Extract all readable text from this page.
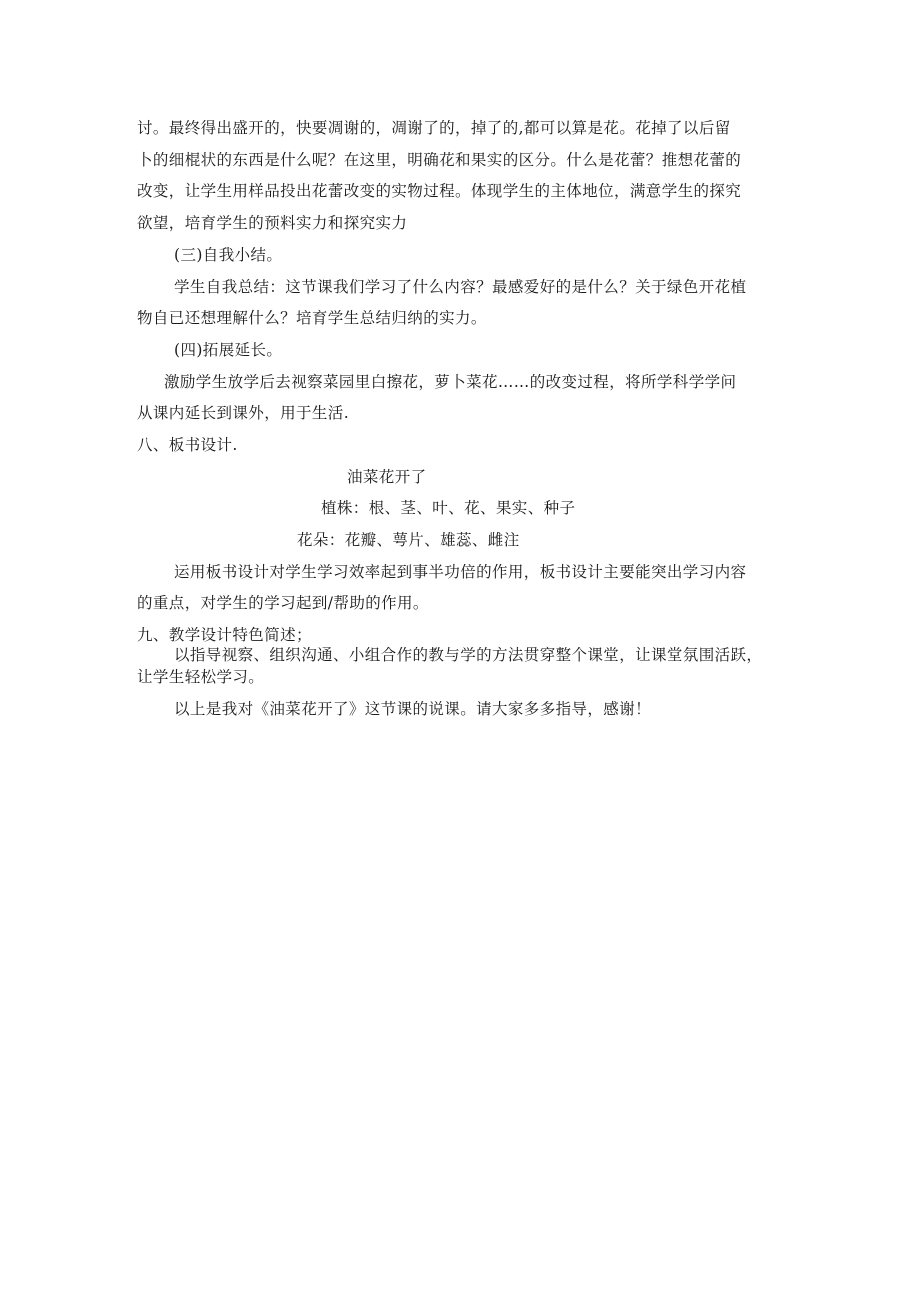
讨。最终得出盛开的，快要凋谢的，凋谢了的，掉了的,都可以算是花。花掉了以后留
卜的细棍状的东西是什么呢？在这里，明确花和果实的区分。什么是花蕾？推想花蕾的
改变，让学生用样品投出花蕾改变的实物过程。体现学生的主体地位，满意学生的探究
欲望，培育学生的预料实力和探究实力
(三)自我小结。
学生自我总结：这节课我们学习了什么内容？最感爱好的是什么？关于绿色开花植
物自已还想理解什么？培育学生总结归纳的实力。
(四)拓展延长。
激励学生放学后去视察菜园里白擦花，萝卜菜花……的改变过程，将所学科学学问
从课内延长到课外，用于生活.
八、板书设计.
油菜花开了
植株：根、茎、叶、花、果实、种子
花朵：花瓣、萼片、雄蕊、雌注
运用板书设计对学生学习效率起到事半功倍的作用，板书设计主要能突出学习内容
的重点，对学生的学习起到/帮助的作用。
九、教学设计特色简述；
以指导视察、组织沟通、小组合作的教与学的方法贯穿整个课堂，让课堂氛围活跃，
让学生轻松学习。
以上是我对《油菜花开了》这节课的说课。请大家多多指导，感谢！
